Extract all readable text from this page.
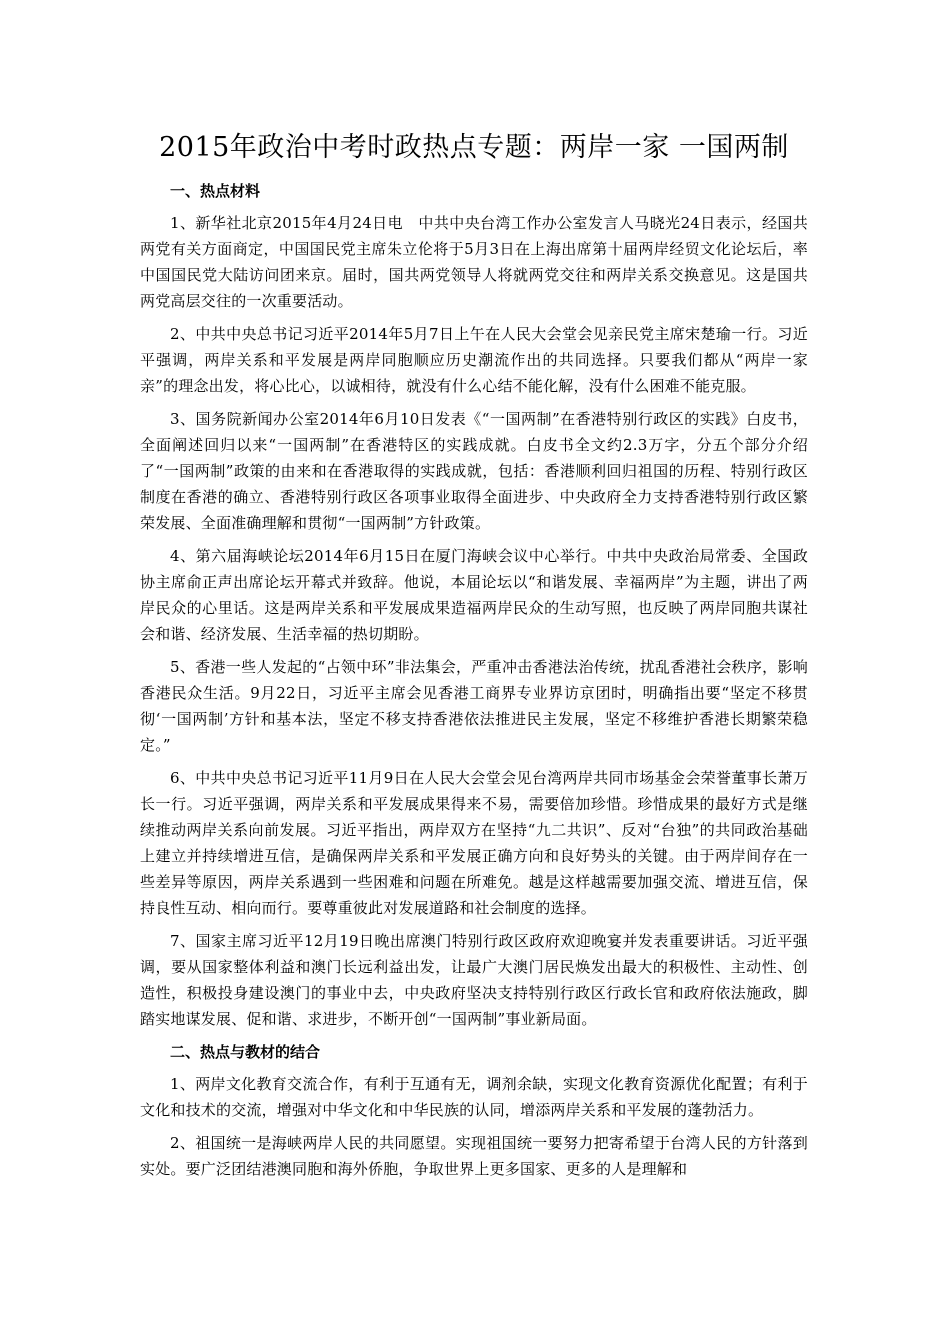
2015年政治中考时政热点专题：两岸一家 一国两制
一、热点材料

1、新华社北京2015年4月24日电　中共中央台湾工作办公室发言人马晓光24日表示，经国共两党有关方面商定，中国国民党主席朱立伦将于5月3日在上海出席第十届两岸经贸文化论坛后，率中国国民党大陆访问团来京。届时，国共两党领导人将就两党交往和两岸关系交换意见。这是国共两党高层交往的一次重要活动。

2、中共中央总书记习近平2014年5月7日上午在人民大会堂会见亲民党主席宋楚瑜一行。习近平强调，两岸关系和平发展是两岸同胞顺应历史潮流作出的共同选择。只要我们都从“两岸一家亲”的理念出发，将心比心，以诚相待，就没有什么心结不能化解，没有什么困难不能克服。

3、国务院新闻办公室2014年6月10日发表《“一国两制”在香港特别行政区的实践》白皮书，全面阐述回归以来“一国两制”在香港特区的实践成就。白皮书全文约2.3万字，分五个部分介绍了“一国两制”政策的由来和在香港取得的实践成就，包括：香港顺利回归祖国的历程、特别行政区制度在香港的确立、香港特别行政区各项事业取得全面进步、中央政府全力支持香港特别行政区繁荣发展、全面准确理解和贯彻“一国两制”方针政策。

4、第六届海峡论坛2014年6月15日在厦门海峡会议中心举行。中共中央政治局常委、全国政协主席俞正声出席论坛开幕式并致辞。他说，本届论坛以“和谐发展、幸福两岸”为主题，讲出了两岸民众的心里话。这是两岸关系和平发展成果造福两岸民众的生动写照，也反映了两岸同胞共谋社会和谐、经济发展、生活幸福的热切期盼。

5、香港一些人发起的“占领中环”非法集会，严重冲击香港法治传统，扰乱香港社会秩序，影响香港民众生活。9月22日，习近平主席会见香港工商界专业界访京团时，明确指出要“坚定不移贯彻‘一国两制’方针和基本法，坚定不移支持香港依法推进民主发展，坚定不移维护香港长期繁荣稳定。”

6、中共中央总书记习近平11月9日在人民大会堂会见台湾两岸共同市场基金会荣誉董事长萧万长一行。习近平强调，两岸关系和平发展成果得来不易，需要倍加珍惜。珍惜成果的最好方式是继续推动两岸关系向前发展。习近平指出，两岸双方在坚持“九二共识”、反对“台独”的共同政治基础上建立并持续增进互信，是确保两岸关系和平发展正确方向和良好势头的关键。由于两岸间存在一些差异等原因，两岸关系遇到一些困难和问题在所难免。越是这样越需要加强交流、增进互信，保持良性互动、相向而行。要尊重彼此对发展道路和社会制度的选择。

7、国家主席习近平12月19日晚出席澳门特别行政区政府欢迎晚宴并发表重要讲话。习近平强调，要从国家整体利益和澳门长远利益出发，让最广大澳门居民焕发出最大的积极性、主动性、创造性，积极投身建设澳门的事业中去，中央政府坚决支持特别行政区行政长官和政府依法施政，脚踏实地谋发展、促和谐、求进步，不断开创“一国两制”事业新局面。

二、热点与教材的结合

1、两岸文化教育交流合作，有利于互通有无，调剂余缺，实现文化教育资源优化配置；有利于文化和技术的交流，增强对中华文化和中华民族的认同，增添两岸关系和平发展的蓬勃活力。

2、祖国统一是海峡两岸人民的共同愿望。实现祖国统一要努力把寄希望于台湾人民的方针落到实处。要广泛团结港澳同胞和海外侨胞，争取世界上更多国家、更多的人是理解和
